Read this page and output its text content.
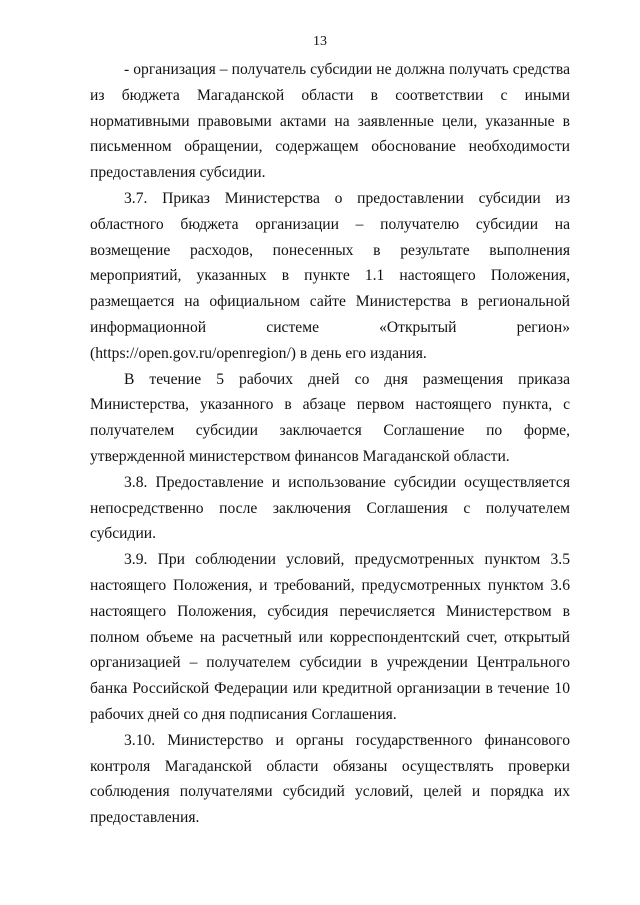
13

- организация – получатель субсидии не должна получать средства из бюджета Магаданской области в соответствии с иными нормативными правовыми актами на заявленные цели, указанные в письменном обращении, содержащем обоснование необходимости предоставления субсидии.

3.7. Приказ Министерства о предоставлении субсидии из областного бюджета организации – получателю субсидии на возмещение расходов, понесенных в результате выполнения мероприятий, указанных в пункте 1.1 настоящего Положения, размещается на официальном сайте Министерства в региональной информационной системе «Открытый регион» (https://open.gov.ru/openregion/) в день его издания.

В течение 5 рабочих дней со дня размещения приказа Министерства, указанного в абзаце первом настоящего пункта, с получателем субсидии заключается Соглашение по форме, утвержденной министерством финансов Магаданской области.

3.8. Предоставление и использование субсидии осуществляется непосредственно после заключения Соглашения с получателем субсидии.

3.9. При соблюдении условий, предусмотренных пунктом 3.5 настоящего Положения, и требований, предусмотренных пунктом 3.6 настоящего Положения, субсидия перечисляется Министерством в полном объеме на расчетный или корреспондентский счет, открытый организацией – получателем субсидии в учреждении Центрального банка Российской Федерации или кредитной организации в течение 10 рабочих дней со дня подписания Соглашения.

3.10. Министерство и органы государственного финансового контроля Магаданской области обязаны осуществлять проверки соблюдения получателями субсидий условий, целей и порядка их предоставления.
